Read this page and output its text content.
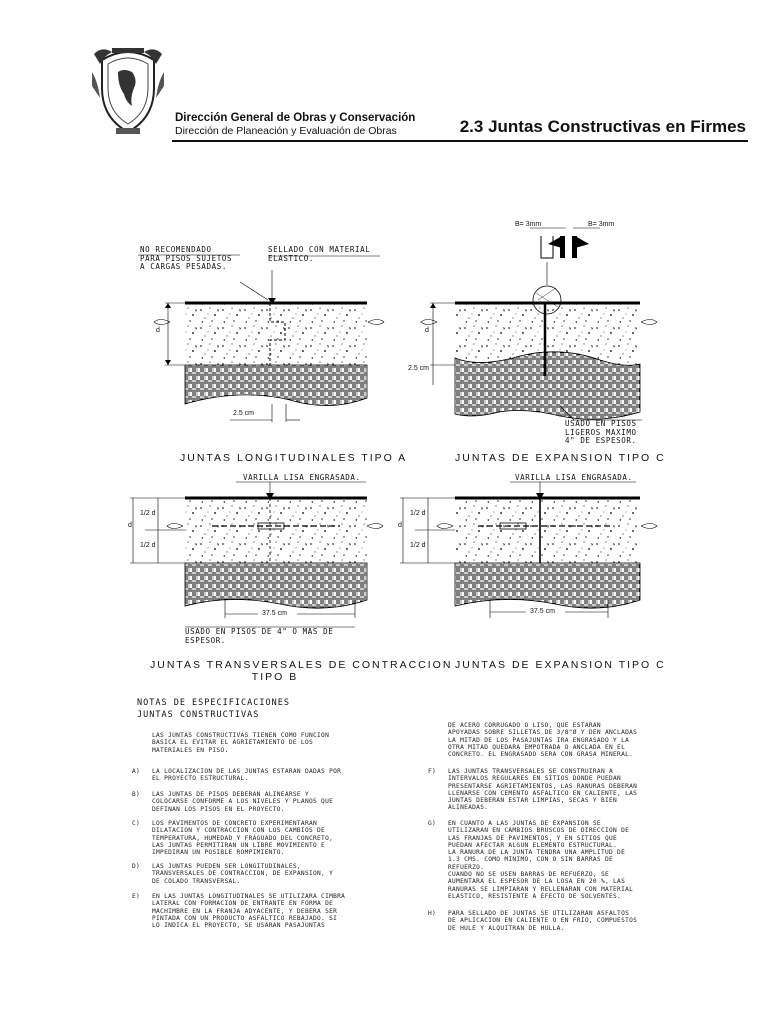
Dirección General de Obras y Conservación
Dirección de Planeación y Evaluación de Obras	2.3 Juntas Constructivas en Firmes
NO RECOMENDADO
PARA PISOS SUJETOS
A CARGAS PESADAS.
SELLADO CON MATERIAL
ELASTICO.
d
2.5 cm
JUNTAS LONGITUDINALES TIPO A
B= 3mm	B= 3mm
d
2.5 cm
USADO EN PISOS
LIGEROS MAXIMO
4" DE ESPESOR.
JUNTAS DE EXPANSION TIPO C
VARILLA LISA ENGRASADA.
1/2 d
1/2 d
d
37.5 cm
USADO EN PISOS DE 4" O MAS DE
ESPESOR.
JUNTAS TRANSVERSALES DE CONTRACCION
TIPO B
VARILLA LISA ENGRASADA.
1/2 d
1/2 d
d
37.5 cm
JUNTAS DE EXPANSION TIPO C
NOTAS DE ESPECIFICACIONES
JUNTAS CONSTRUCTIVAS

LAS JUNTAS CONSTRUCTIVAS TIENEN COMO FUNCION

BASICA EL EVITAR EL AGRIETAMIENTO DE LOS

MATERIALES EN PISO.

A) LA LOCALIZACION DE LAS JUNTAS ESTARAN DADAS POR

EL PROYECTO ESTRUCTURAL.

B) LAS JUNTAS DE PISOS DEBERAN ALINEARSE Y

COLOCARSE CONFORME A LOS NIVELES Y PLANOS QUE

DEFINAN LOS PISOS EN EL PROYECTO.

C) LOS PAVIMENTOS DE CONCRETO EXPERIMENTARAN

DILATACION Y CONTRACCION CON LOS CAMBIOS DE

TEMPERATURA, HUMEDAD Y FRAGUADO DEL CONCRETO,

LAS JUNTAS PERMITIRAN UN LIBRE MOVIMIENTO E

IMPEDIRAN UN POSIBLE ROMPIMIENTO.

D) LAS JUNTAS PUEDEN SER LONGITUDINALES,

TRANSVERSALES DE CONTRACCION, DE EXPANSION, Y

DE COLADO TRANSVERSAL.

E) EN LAS JUNTAS LONGITUDINALES SE UTILIZARA CIMBRA

LATERAL CON FORMACION DE ENTRANTE EN FORMA DE

MACHIMBRE EN LA FRANJA ADYACENTE, Y DEBERA SER

PINTADA CON UN PRODUCTO ASFALTICO REBAJADO. SI

LO INDICA EL PROYECTO, SE USARAN PASAJUNTAS

DE ACERO CORRUGADO O LISO, QUE ESTARAN

APOYADAS SOBRE SILLETAS DE 3/8"Ø Y DEN ANCLADAS

LA MITAD DE LOS PASAJUNTAS IRA ENGRASADO Y LA

OTRA MITAD QUEDARA EMPOTRADA O ANCLADA EN EL

CONCRETO. EL ENGRASADO SERA CON GRASA MINERAL.

F) LAS JUNTAS TRANSVERSALES SE CONSTRUIRAN A

INTERVALOS REGULARES EN SITIOS DONDE PUEDAN

PRESENTARSE AGRIETAMIENTOS, LAS RANURAS DEBERAN

LLENARSE CON CEMENTO ASFALTICO EN CALIENTE, LAS

JUNTAS DEBERAN ESTAR LIMPIAS, SECAS Y BIEN

ALINEADAS.

G) EN CUANTO A LAS JUNTAS DE EXPANSION SE

UTILIZARAN EN CAMBIOS BRUSCOS DE DIRECCION DE

LAS FRANJAS DE PAVIMENTOS, Y EN SITIOS QUE

PUEDAN AFECTAR ALGUN ELEMENTO ESTRUCTURAL.

LA RANURA DE LA JUNTA TENDRA UNA AMPLITUD DE

1.3 CMS. COMO MINIMO, CON O SIN BARRAS DE

REFUERZO.

CUANDO NO SE USEN BARRAS DE REFUERZO, SE

AUMENTARA EL ESPESOR DE LA LOSA EN 20 %, LAS

RANURAS SE LIMPIARAN Y RELLENARAN CON MATERIAL

ELASTICO, RESISTENTE A EFECTO DE SOLVENTES.

H) PARA SELLADO DE JUNTAS SE UTILIZARAN ASFALTOS

DE APLICACION EN CALIENTE O EN FRIO, COMPUESTOS

DE HULE Y ALQUITRAN DE HULLA.
